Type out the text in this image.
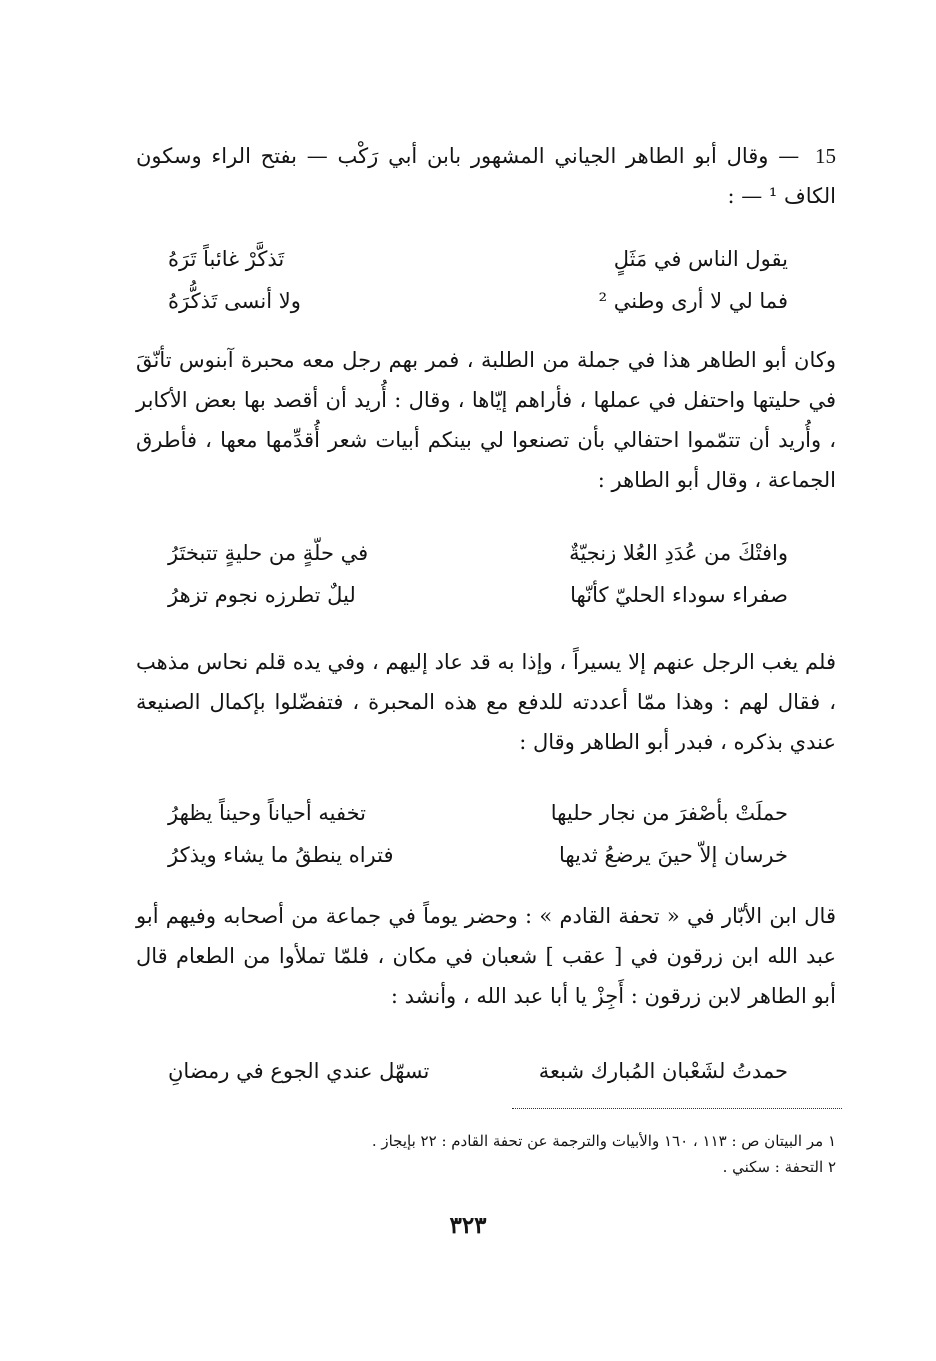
15 — وقال أبو الطاهر الجياني المشهور بابن أبي رَكْب — بفتح الراء وسكون الكاف ¹ — :
يقول الناس في مَثَلٍ
تَذكَّرْ غائباً تَرَهُ
فما لي لا أرى وطني ²
ولا أنسى تَذكُّرَهُ
وكان أبو الطاهر هذا في جملة من الطلبة ، فمر بهم رجل معه محبرة آبنوس تأنّقَ في حليتها واحتفل في عملها ، فأراهم إيّاها ، وقال : أُريد أن أقصد بها بعض الأكابر ، وأُريد أن تتمّموا احتفالي بأن تصنعوا لي بينكم أبيات شعر أُقدِّمها معها ، فأطرق الجماعة ، وقال أبو الطاهر :
وافتْكَ من عُدَدِ العُلا زنجيّةٌ
في حلّةٍ من حليةٍ تتبختَرُ
صفراء سوداء الحليّ كأنّها
ليلٌ تطرزه نجوم تزهرُ
فلم يغب الرجل عنهم إلا يسيراً ، وإذا به قد عاد إليهم ، وفي يده قلم نحاس مذهب ، فقال لهم : وهذا ممّا أعددته للدفع مع هذه المحبرة ، فتفضّلوا بإكمال الصنيعة عندي بذكره ، فبدر أبو الطاهر وقال :
حملَتْ بأصْفرَ من نجار حليها
تخفيه أحياناً وحيناً يظهرُ
خرسان إلاّ حينَ يرضعُ ثديها
فتراه ينطقُ ما يشاء ويذكرُ
قال ابن الأبّار في « تحفة القادم » : وحضر يوماً في جماعة من أصحابه وفيهم أبو عبد الله ابن زرقون في [ عقب ] شعبان في مكان ، فلمّا تملأوا من الطعام قال أبو الطاهر لابن زرقون : أَجِزْ يا أبا عبد الله ، وأنشد :
حمدتُ لشَعْبان المُبارك شبعة
تسهّل عندي الجوع في رمضانِ
١ مر البيتان ص : ١١٣ ، ١٦٠ والأبيات والترجمة عن تحفة القادم : ٢٢ بإيجاز .
٢ التحفة : سكني .
٣٢٣
